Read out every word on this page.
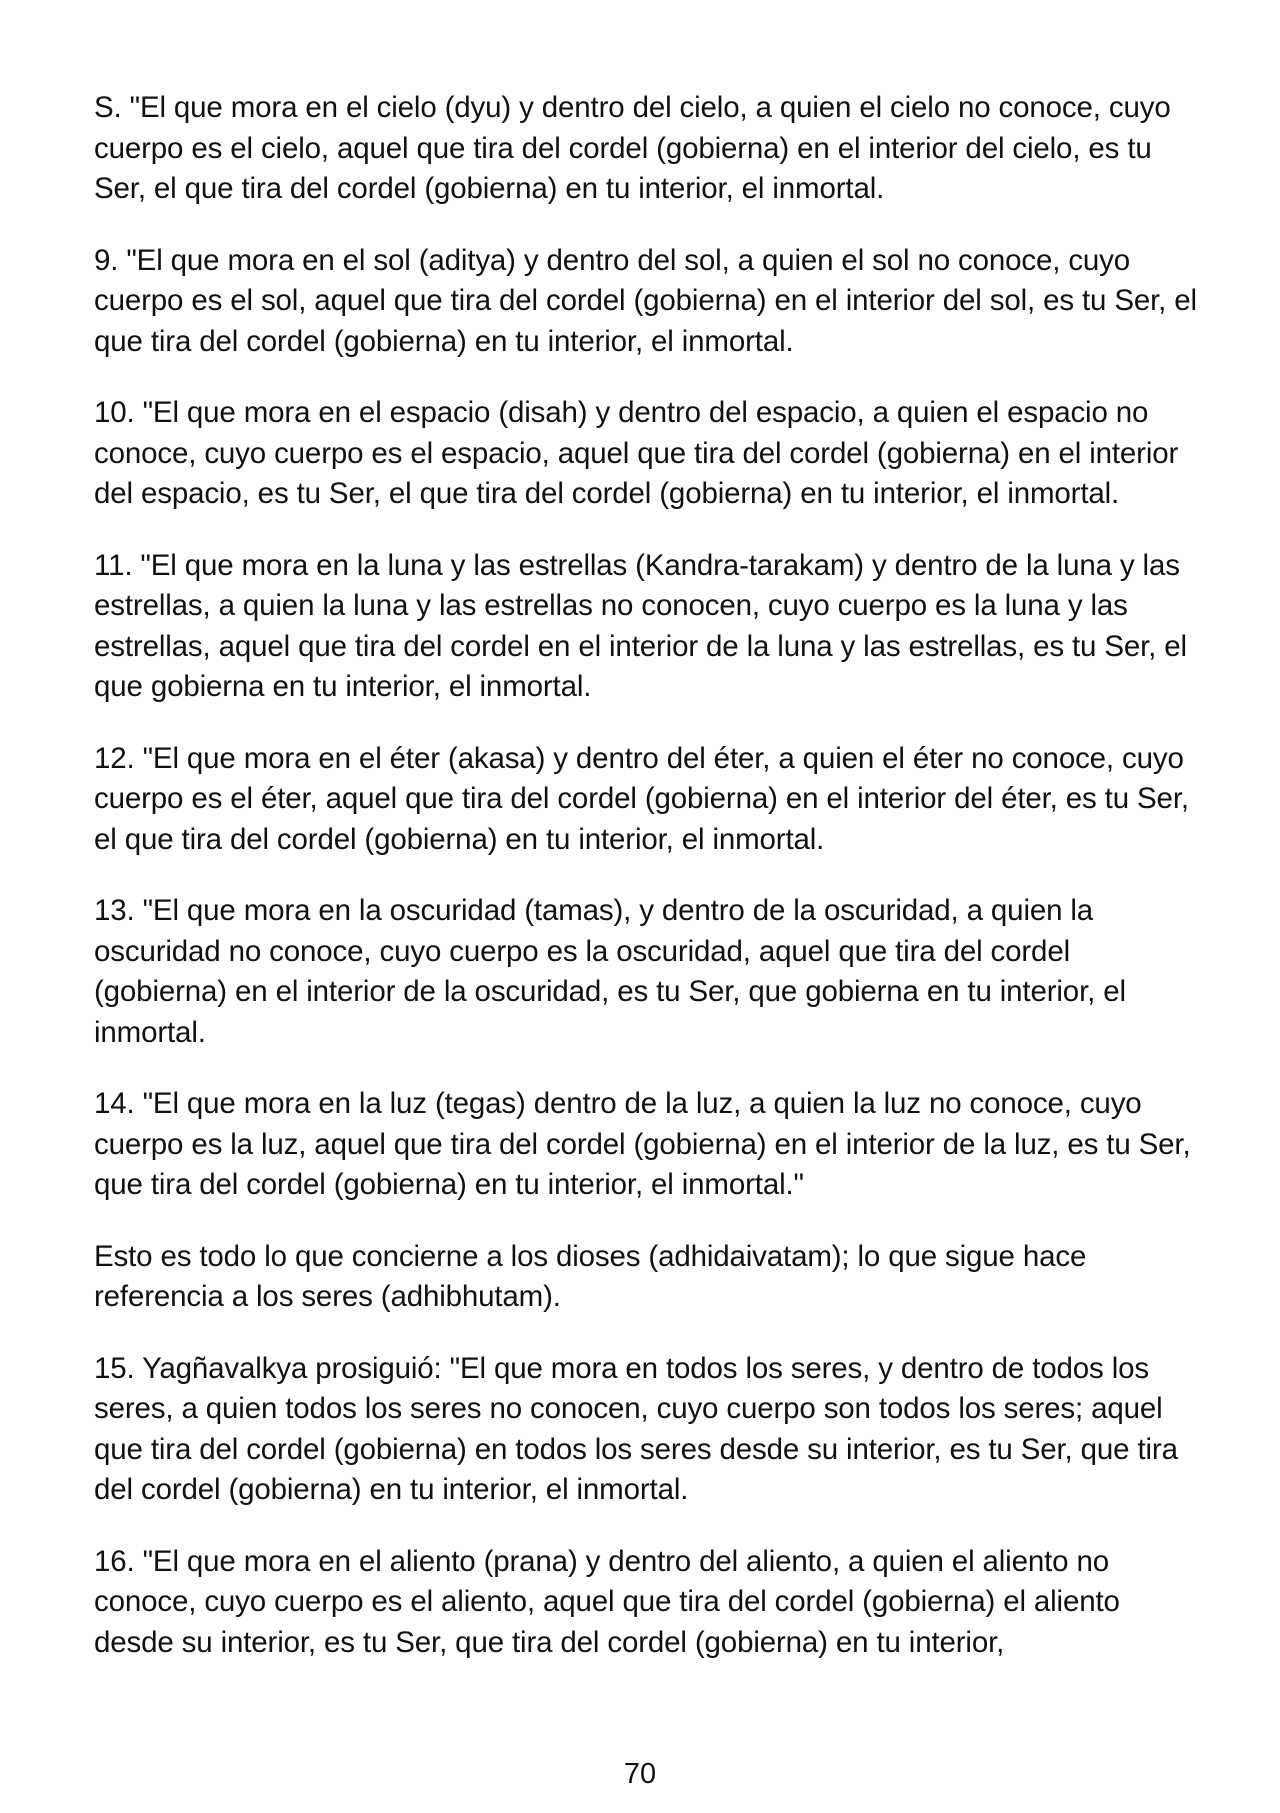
S. "El que mora en el cielo (dyu) y dentro del cielo, a quien el cielo no conoce, cuyo cuerpo es el cielo, aquel que tira del cordel (gobierna) en el interior del cielo, es tu Ser, el que tira del cordel (gobierna) en tu interior, el inmortal.

9. "El que mora en el sol (aditya) y dentro del sol, a quien el sol no conoce, cuyo cuerpo es el sol, aquel que tira del cordel (gobierna) en el interior del sol, es tu Ser, el que tira del cordel (gobierna) en tu interior, el inmortal.

10. "El que mora en el espacio (disah) y dentro del espacio, a quien el espacio no conoce, cuyo cuerpo es el espacio, aquel que tira del cordel (gobierna) en el interior del espacio, es tu Ser, el que tira del cordel (gobierna) en tu interior, el inmortal.

11. "El que mora en la luna y las estrellas (Kandra-tarakam) y dentro de la luna y las estrellas, a quien la luna y las estrellas no conocen, cuyo cuerpo es la luna y las estrellas, aquel que tira del cordel en el interior de la luna y las estrellas, es tu Ser, el que gobierna en tu interior, el inmortal.

12. "El que mora en el éter (akasa) y dentro del éter, a quien el éter no conoce, cuyo cuerpo es el éter, aquel que tira del cordel (gobierna) en el interior del éter, es tu Ser, el que tira del cordel (gobierna) en tu interior, el inmortal.

13. "El que mora en la oscuridad (tamas), y dentro de la oscuridad, a quien la oscuridad no conoce, cuyo cuerpo es la oscuridad, aquel que tira del cordel (gobierna) en el interior de la oscuridad, es tu Ser, que gobierna en tu interior, el inmortal.

14. "El que mora en la luz (tegas) dentro de la luz, a quien la luz no conoce, cuyo cuerpo es la luz, aquel que tira del cordel (gobierna) en el interior de la luz, es tu Ser, que tira del cordel (gobierna) en tu interior, el inmortal."

Esto es todo lo que concierne a los dioses (adhidaivatam); lo que sigue hace referencia a los seres (adhibhutam).

15. Yagñavalkya prosiguió: "El que mora en todos los seres, y dentro de todos los seres, a quien todos los seres no conocen, cuyo cuerpo son todos los seres; aquel que tira del cordel (gobierna) en todos los seres desde su interior, es tu Ser, que tira del cordel (gobierna) en tu interior, el inmortal.

16. "El que mora en el aliento (prana) y dentro del aliento, a quien el aliento no conoce, cuyo cuerpo es el aliento, aquel que tira del cordel (gobierna) el aliento desde su interior, es tu Ser, que tira del cordel (gobierna) en tu interior,

70
